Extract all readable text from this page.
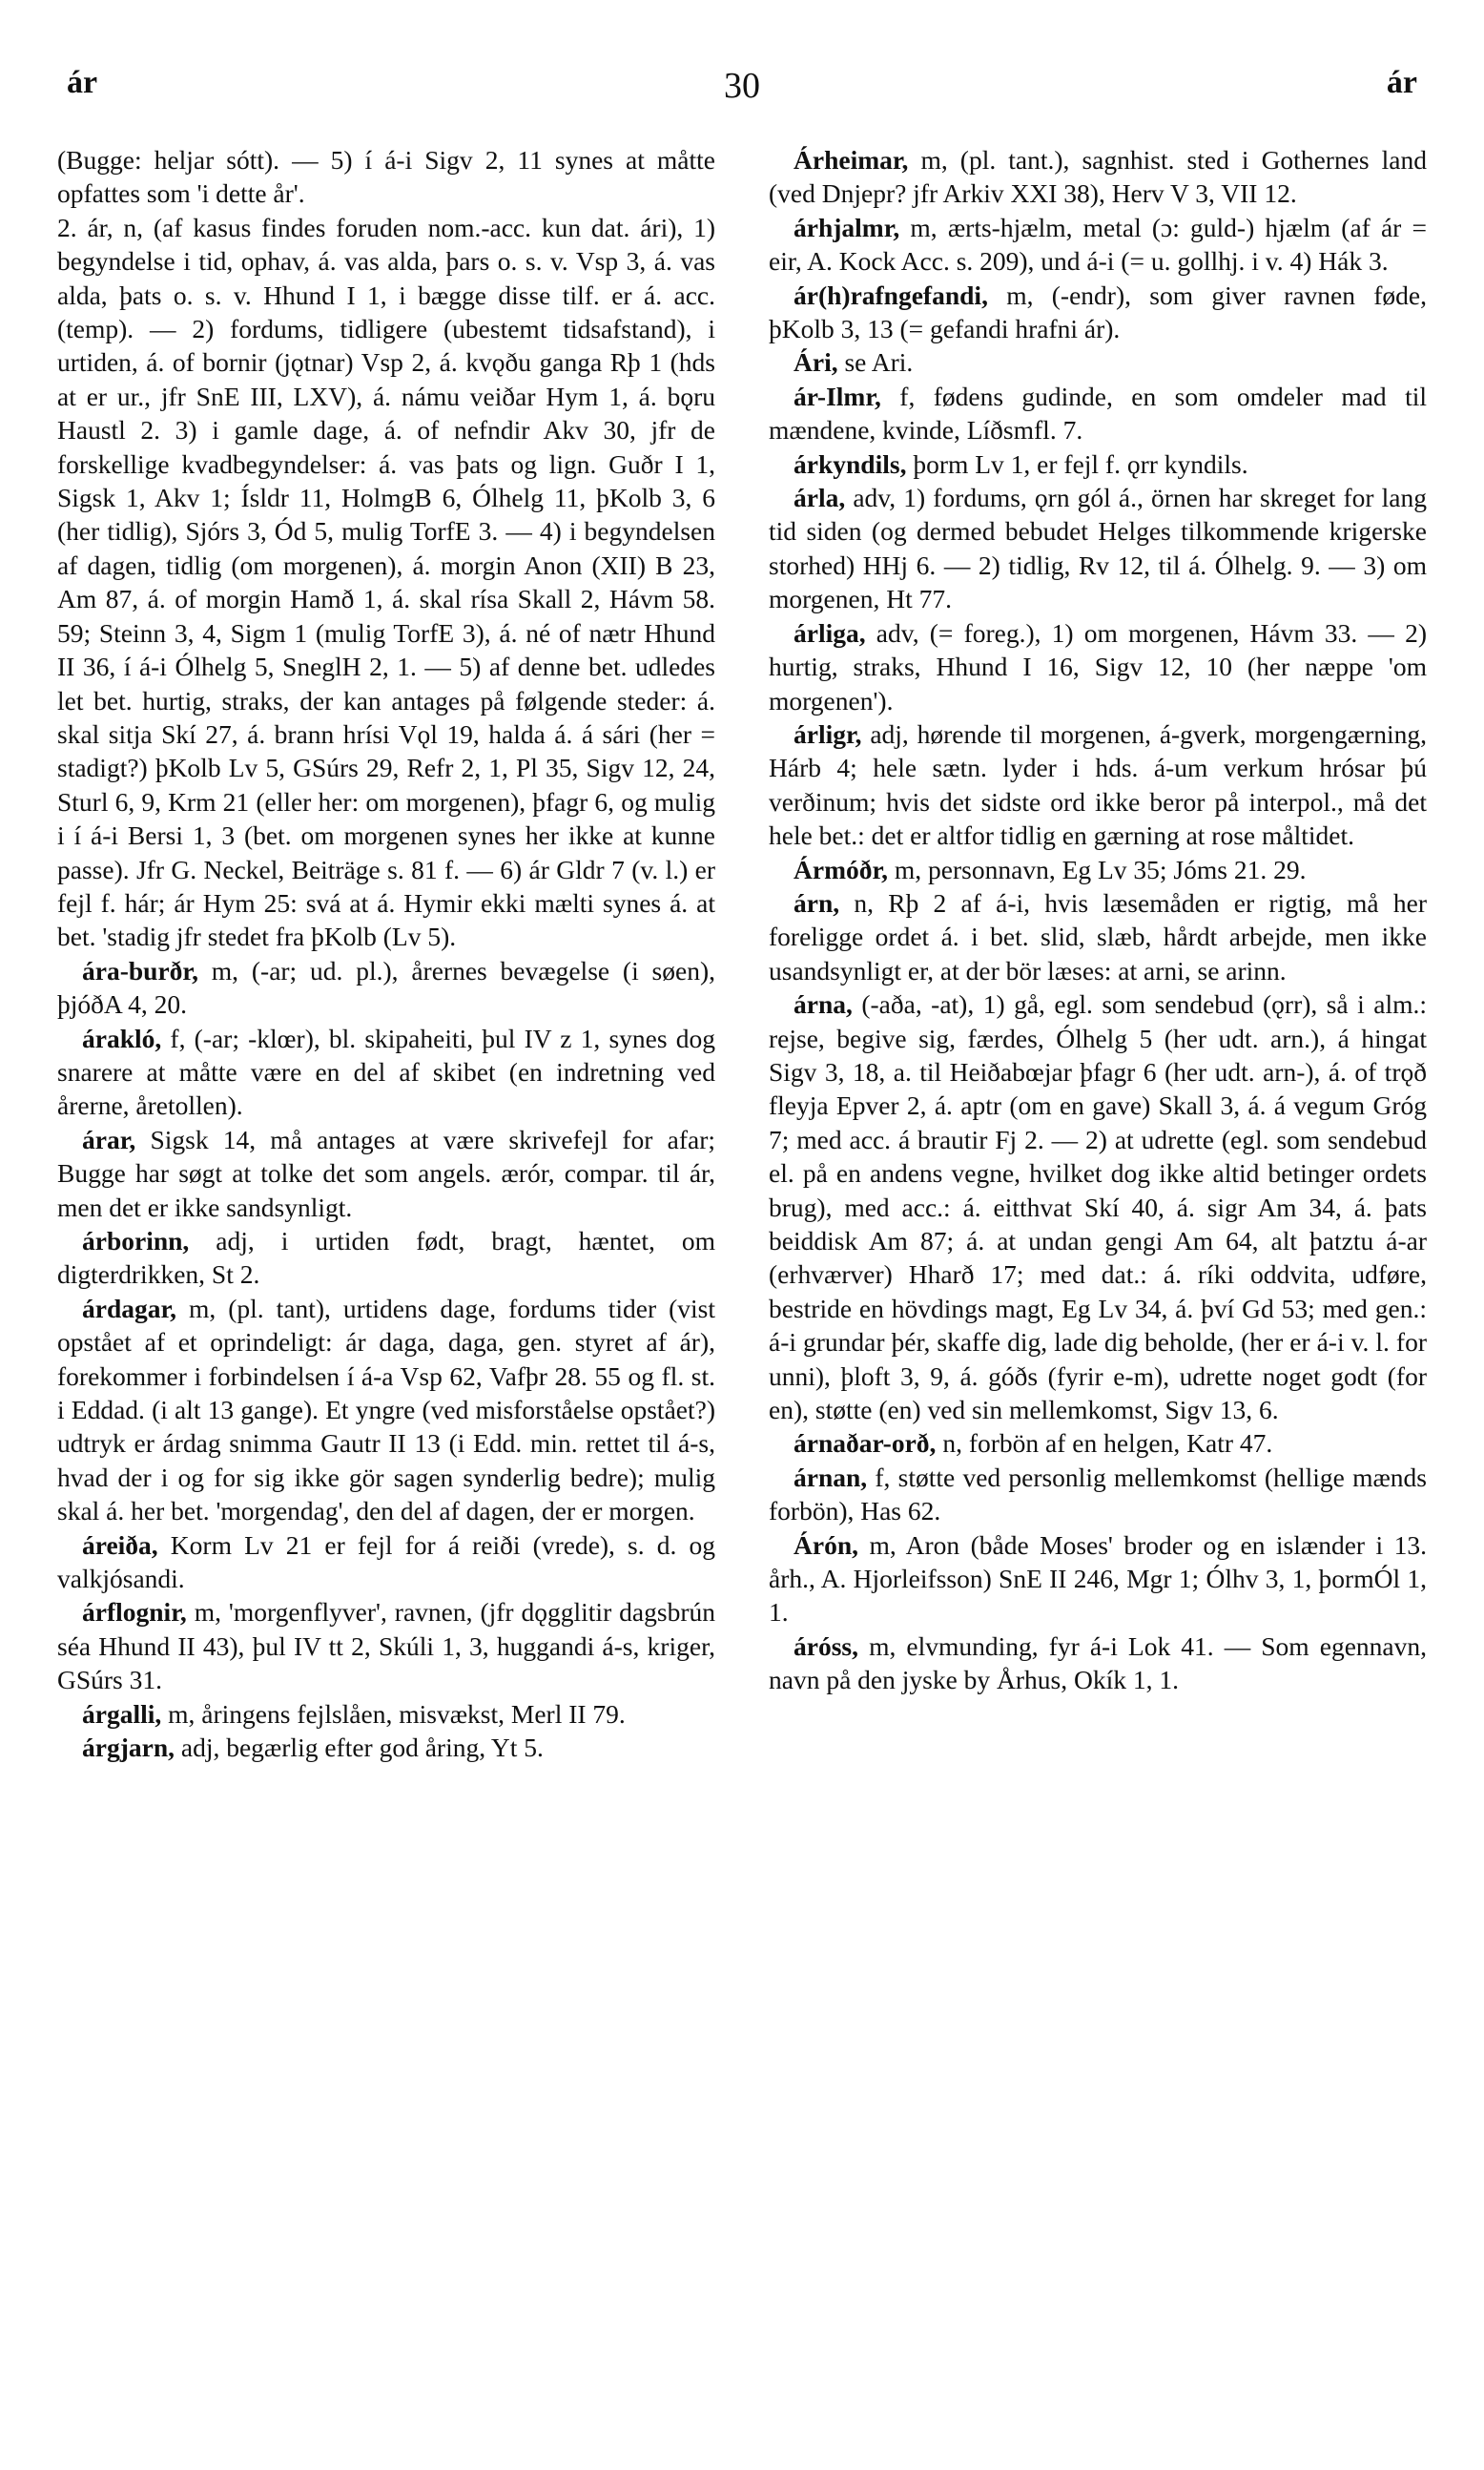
ár	30	ár

(Bugge: heljar sótt). — 5) í á-i Sigv 2, 11 synes at måtte opfattes som 'i dette år'.

2. ár, n, (af kasus findes foruden nom.-acc. kun dat. ári), 1) begyndelse i tid, ophav, á. vas alda, þars o. s. v. Vsp 3, á. vas alda, þats o. s. v. Hhund I 1, i bægge disse tilf. er á. acc. (temp). — 2) fordums, tidligere (ubestemt tidsafstand), i urtiden, á. of bornir (jǫtnar) Vsp 2, á. kvǫðu ganga Rþ 1 (hds at er ur., jfr SnE III, LXV), á. námu veiðar Hym 1, á. bǫru Haustl 2. 3) i gamle dage, á. of nefndir Akv 30, jfr de forskellige kvadbegyndelser: á. vas þats og lign. Guðr I 1, Sigsk 1, Akv 1; Ísldr 11, HolmgB 6, Ólhelg 11, þKolb 3, 6 (her tidlig), Sjórs 3, Ód 5, mulig TorfE 3. — 4) i begyndelsen af dagen, tidlig (om morgenen), á. morgin Anon (XII) B 23, Am 87, á. of morgin Hamð 1, á. skal rísa Skall 2, Hávm 58. 59; Steinn 3, 4, Sigm 1 (mulig TorfE 3), á. né of nætr Hhund II 36, í á-i Ólhelg 5, SneglH 2, 1. — 5) af denne bet. udledes let bet. hurtig, straks, der kan antages på følgende steder: á. skal sitja Skí 27, á. brann hrísi Vǫl 19, halda á. á sári (her = stadigt?) þKolb Lv 5, GSúrs 29, Refr 2, 1, Pl 35, Sigv 12, 24, Sturl 6, 9, Krm 21 (eller her: om morgenen), þfagr 6, og mulig i í á-i Bersi 1, 3 (bet. om morgenen synes her ikke at kunne passe). Jfr G. Neckel, Beiträge s. 81 f. — 6) ár Gldr 7 (v. l.) er fejl f. hár; ár Hym 25: svá at á. Hymir ekki mælti synes á. at bet. 'stadig jfr stedet fra þKolb (Lv 5).

ára-burðr, m, (-ar; ud. pl.), årernes bevægelse (i søen), þjóðA 4, 20.

árakló, f, (-ar; -klœr), bl. skipaheiti, þul IV z 1, synes dog snarere at måtte være en del af skibet (en indretning ved årerne, åretollen).

árar, Sigsk 14, må antages at være skrivefejl for afar; Bugge har søgt at tolke det som angels. ærór, compar. til ár, men det er ikke sandsynligt.

árborinn, adj, i urtiden født, bragt, hæntet, om digterdrikken, St 2.

árdagar, m, (pl. tant), urtidens dage, fordums tider (vist opstået af et oprindeligt: ár daga, daga, gen. styret af ár), forekommer i forbindelsen í á-a Vsp 62, Vafþr 28. 55 og fl. st. i Eddad. (i alt 13 gange). Et yngre (ved misforståelse opstået?) udtryk er árdag snimma Gautr II 13 (i Edd. min. rettet til á-s, hvad der i og for sig ikke gör sagen synderlig bedre); mulig skal á. her bet. 'morgendag', den del af dagen, der er morgen.

áreiða, Korm Lv 21 er fejl for á reiði (vrede), s. d. og valkjósandi.

árflognir, m, 'morgenflyver', ravnen, (jfr dǫgglitir dagsbrún séa Hhund II 43), þul IV tt 2, Skúli 1, 3, huggandi á-s, kriger, GSúrs 31.

árgalli, m, åringens fejlslåen, misvækst, Merl II 79.

árgjarn, adj, begærlig efter god åring, Yt 5.

Árheimar, m, (pl. tant.), sagnhist. sted i Gothernes land (ved Dnjepr? jfr Arkiv XXI 38), Herv V 3, VII 12.

árhjalmr, m, ærts-hjælm, metal (ɔ: guld-) hjælm (af ár = eir, A. Kock Acc. s. 209), und á-i (= u. gollhj. i v. 4) Hák 3.

ár(h)rafngefandi, m, (-endr), som giver ravnen føde, þKolb 3, 13 (= gefandi hrafni ár).

Ári, se Ari.

ár-Ilmr, f, fødens gudinde, en som omdeler mad til mændene, kvinde, Líðsmfl. 7.

árkyndils, þorm Lv 1, er fejl f. ǫrr kyndils.

árla, adv, 1) fordums, ǫrn gól á., örnen har skreget for lang tid siden (og dermed bebudet Helges tilkommende krigerske storhed) HHj 6. — 2) tidlig, Rv 12, til á. Ólhelg. 9. — 3) om morgenen, Ht 77.

árliga, adv, (= foreg.), 1) om morgenen, Hávm 33. — 2) hurtig, straks, Hhund I 16, Sigv 12, 10 (her næppe 'om morgenen').

árligr, adj, hørende til morgenen, á-gverk, morgengærning, Hárb 4; hele sætn. lyder i hds. á-um verkum hrósar þú verðinum; hvis det sidste ord ikke beror på interpol., må det hele bet.: det er altfor tidlig en gærning at rose måltidet.

Ármóðr, m, personnavn, Eg Lv 35; Jóms 21. 29.

árn, n, Rþ 2 af á-i, hvis læsemåden er rigtig, må her foreligge ordet á. i bet. slid, slæb, hårdt arbejde, men ikke usandsynligt er, at der bör læses: at arni, se arinn.

árna, (-aða, -at), 1) gå, egl. som sendebud (ǫrr), så i alm.: rejse, begive sig, færdes, Ólhelg 5 (her udt. arn.), á hingat Sigv 3, 18, a. til Heiðabœjar þfagr 6 (her udt. arn-), á. of trǫð fleyja Epver 2, á. aptr (om en gave) Skall 3, á. á vegum Gróg 7; med acc. á brautir Fj 2. — 2) at udrette (egl. som sendebud el. på en andens vegne, hvilket dog ikke altid betinger ordets brug), med acc.: á. eitthvat Skí 40, á. sigr Am 34, á. þats beiddisk Am 87; á. at undan gengi Am 64, alt þatztu á-ar (erhværver) Hharð 17; med dat.: á. ríki oddvita, udføre, bestride en hövdings magt, Eg Lv 34, á. því Gd 53; med gen.: á-i grundar þér, skaffe dig, lade dig beholde, (her er á-i v. l. for unni), þloft 3, 9, á. góðs (fyrir e-m), udrette noget godt (for en), støtte (en) ved sin mellemkomst, Sigv 13, 6.

árnaðar-orð, n, forbön af en helgen, Katr 47.

árnan, f, støtte ved personlig mellemkomst (hellige mænds forbön), Has 62.

Árón, m, Aron (både Moses' broder og en islænder i 13. årh., A. Hjorleifsson) SnE II 246, Mgr 1; Ólhv 3, 1, þormÓl 1, 1.

áróss, m, elvmunding, fyr á-i Lok 41. — Som egennavn, navn på den jyske by Århus, Okík 1, 1.
